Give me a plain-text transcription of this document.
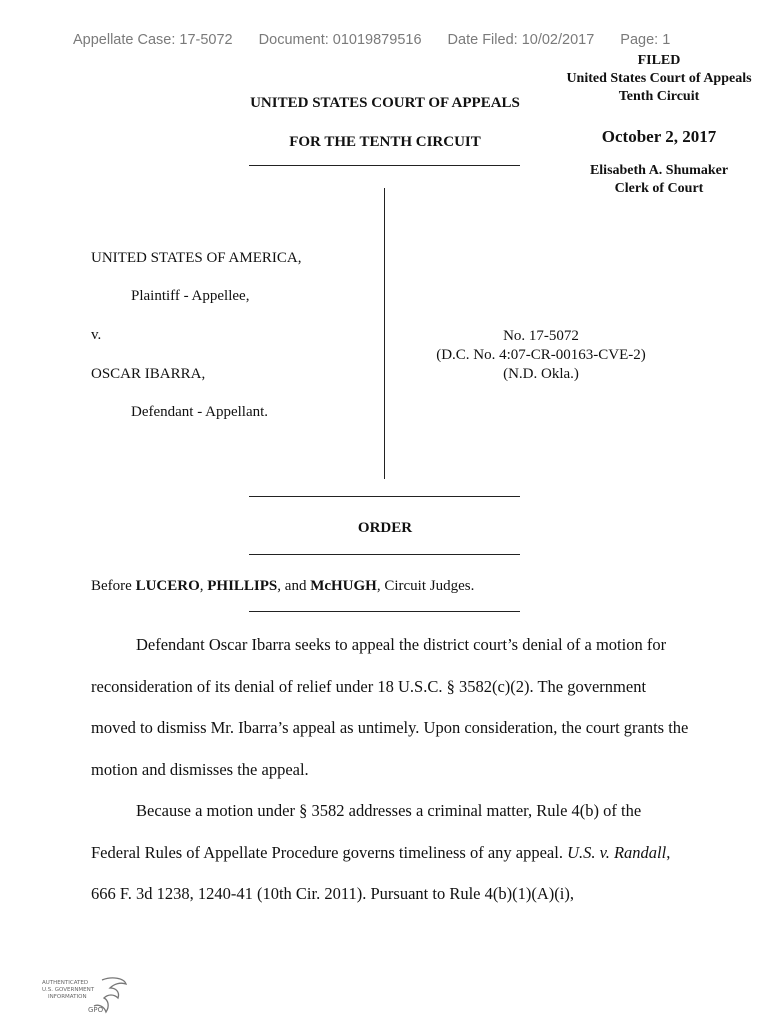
Appellate Case: 17-5072 Document: 01019879516 Date Filed: 10/02/2017 Page: 1
FILED
United States Court of Appeals
Tenth Circuit
October 2, 2017
Elisabeth A. Shumaker
Clerk of Court
UNITED STATES COURT OF APPEALS
FOR THE TENTH CIRCUIT
UNITED STATES OF AMERICA,
Plaintiff - Appellee,
v.
OSCAR IBARRA,
Defendant - Appellant.
No. 17-5072
(D.C. No. 4:07-CR-00163-CVE-2)
(N.D. Okla.)
ORDER
Before LUCERO, PHILLIPS, and McHUGH, Circuit Judges.

Defendant Oscar Ibarra seeks to appeal the district court’s denial of a motion for reconsideration of its denial of relief under 18 U.S.C. § 3582(c)(2). The government moved to dismiss Mr. Ibarra’s appeal as untimely. Upon consideration, the court grants the motion and dismisses the appeal.

Because a motion under § 3582 addresses a criminal matter, Rule 4(b) of the Federal Rules of Appellate Procedure governs timeliness of any appeal. U.S. v. Randall, 666 F. 3d 1238, 1240-41 (10th Cir. 2011). Pursuant to Rule 4(b)(1)(A)(i),

AUTHENTICATED
U.S. GOVERNMENT
INFORMATION
GPO
